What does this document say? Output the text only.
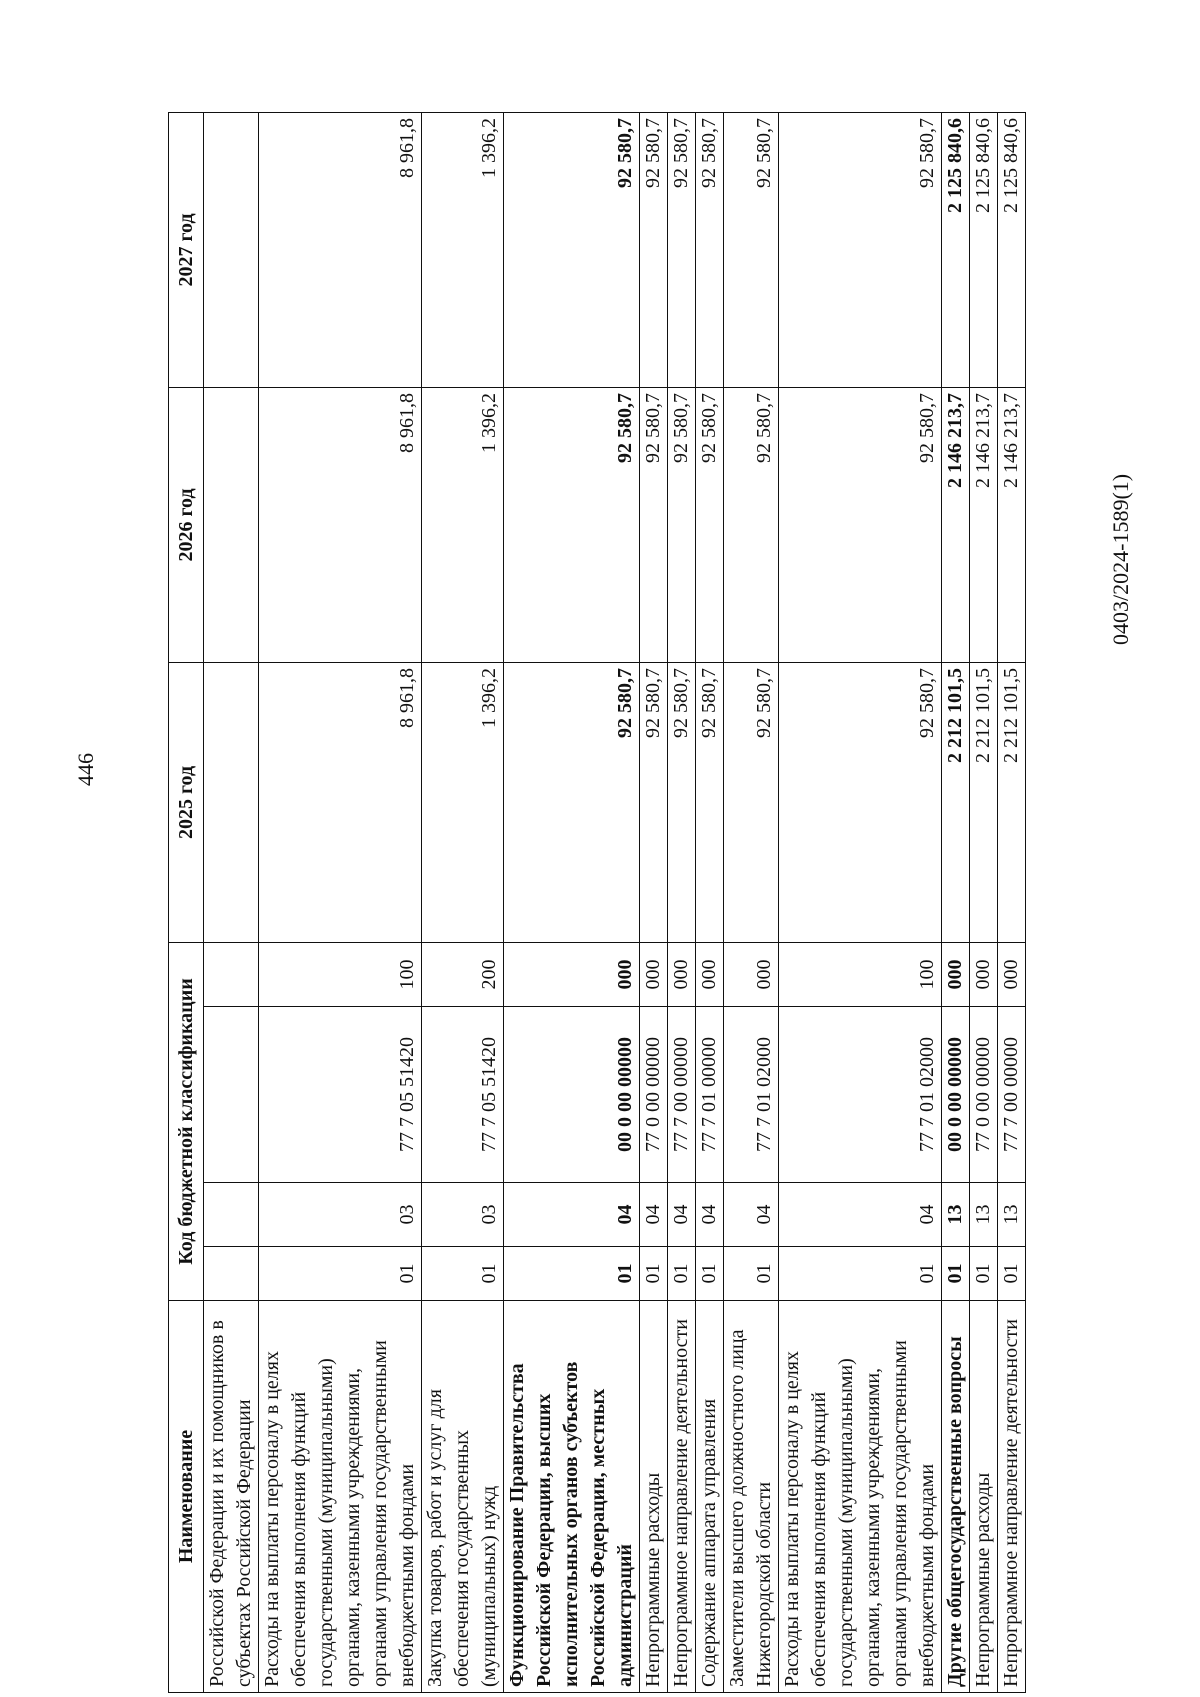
446
Наименование	Код бюджетной классификации				2025 год	2026 год	2027 год
Российской Федерации и их помощников в субъектах Российской Федерации							
Расходы на выплаты персоналу в целях обеспечения выполнения функций государственными (муниципальными) органами, казенными учреждениями, органами управления государственными внебюджетными фондами	01	03	77 7 05 51420	100	8 961,8	8 961,8	8 961,8
Закупка товаров, работ и услуг для обеспечения государственных (муниципальных) нужд	01	03	77 7 05 51420	200	1 396,2	1 396,2	1 396,2
Функционирование Правительства Российской Федерации, высших исполнительных органов субъектов Российской Федерации, местных администраций	01	04	00 0 00 00000	000	92 580,7	92 580,7	92 580,7
Непрограммные расходы	01	04	77 0 00 00000	000	92 580,7	92 580,7	92 580,7
Непрограммное направление деятельности	01	04	77 7 00 00000	000	92 580,7	92 580,7	92 580,7
Содержание аппарата управления	01	04	77 7 01 00000	000	92 580,7	92 580,7	92 580,7
Заместители высшего должностного лица Нижегородской области	01	04	77 7 01 02000	000	92 580,7	92 580,7	92 580,7
Расходы на выплаты персоналу в целях обеспечения выполнения функций государственными (муниципальными) органами, казенными учреждениями, органами управления государственными внебюджетными фондами	01	04	77 7 01 02000	100	92 580,7	92 580,7	92 580,7
Другие общегосударственные вопросы	01	13	00 0 00 00000	000	2 212 101,5	2 146 213,7	2 125 840,6
Непрограммные расходы	01	13	77 0 00 00000	000	2 212 101,5	2 146 213,7	2 125 840,6
Непрограммное направление деятельности	01	13	77 7 00 00000	000	2 212 101,5	2 146 213,7	2 125 840,6
0403/2024-1589(1)
